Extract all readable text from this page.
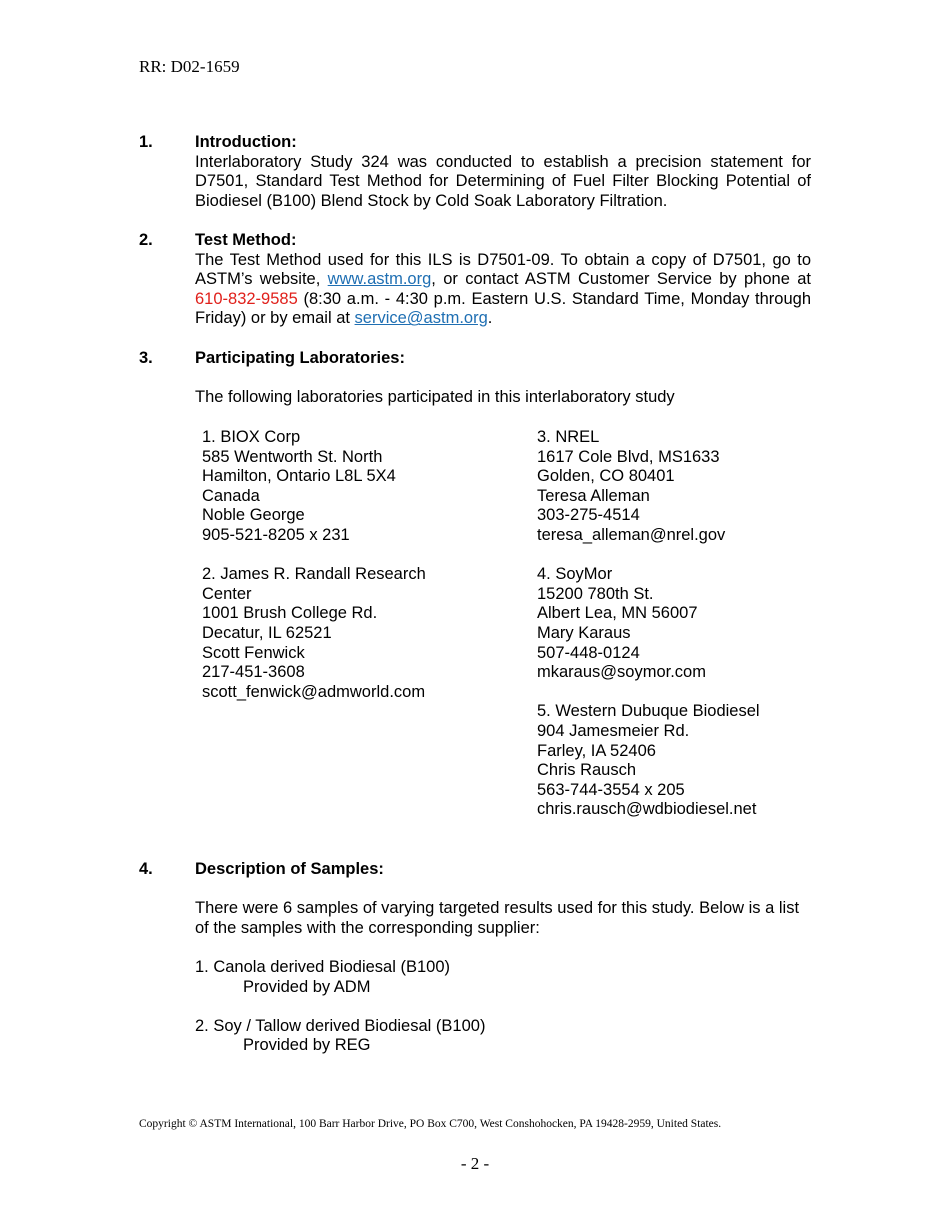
RR: D02-1659
1.	Introduction:
Interlaboratory Study 324 was conducted to establish a precision statement for D7501, Standard Test Method for Determining of Fuel Filter Blocking Potential of Biodiesel (B100) Blend Stock by Cold Soak Laboratory Filtration.
2.	Test Method:
The Test Method used for this ILS is D7501-09. To obtain a copy of D7501, go to ASTM’s website, www.astm.org, or contact ASTM Customer Service by phone at 610-832-9585 (8:30 a.m. - 4:30 p.m. Eastern U.S. Standard Time, Monday through Friday) or by email at service@astm.org.
3.	Participating Laboratories:
The following laboratories participated in this interlaboratory study
1. BIOX Corp
585 Wentworth St. North
Hamilton, Ontario L8L 5X4
Canada
Noble George
905-521-8205 x 231
2. James R. Randall Research
Center
1001 Brush College Rd.
Decatur, IL 62521
Scott Fenwick
217-451-3608
scott_fenwick@admworld.com
3. NREL
1617 Cole Blvd, MS1633
Golden, CO 80401
Teresa Alleman
303-275-4514
teresa_alleman@nrel.gov
4. SoyMor
15200 780th St.
Albert Lea, MN 56007
Mary Karaus
507-448-0124
mkaraus@soymor.com
5. Western Dubuque Biodiesel
904 Jamesmeier Rd.
Farley, IA 52406
Chris Rausch
563-744-3554 x 205
chris.rausch@wdbiodiesel.net
4.	Description of Samples:
There were 6 samples of varying targeted results used for this study. Below is a list of the samples with the corresponding supplier:
1. Canola derived Biodiesal (B100)
Provided by ADM
2. Soy / Tallow derived Biodiesal (B100)
Provided by REG
Copyright © ASTM International, 100 Barr Harbor Drive, PO Box C700, West Conshohocken, PA 19428-2959, United States.
- 2 -
